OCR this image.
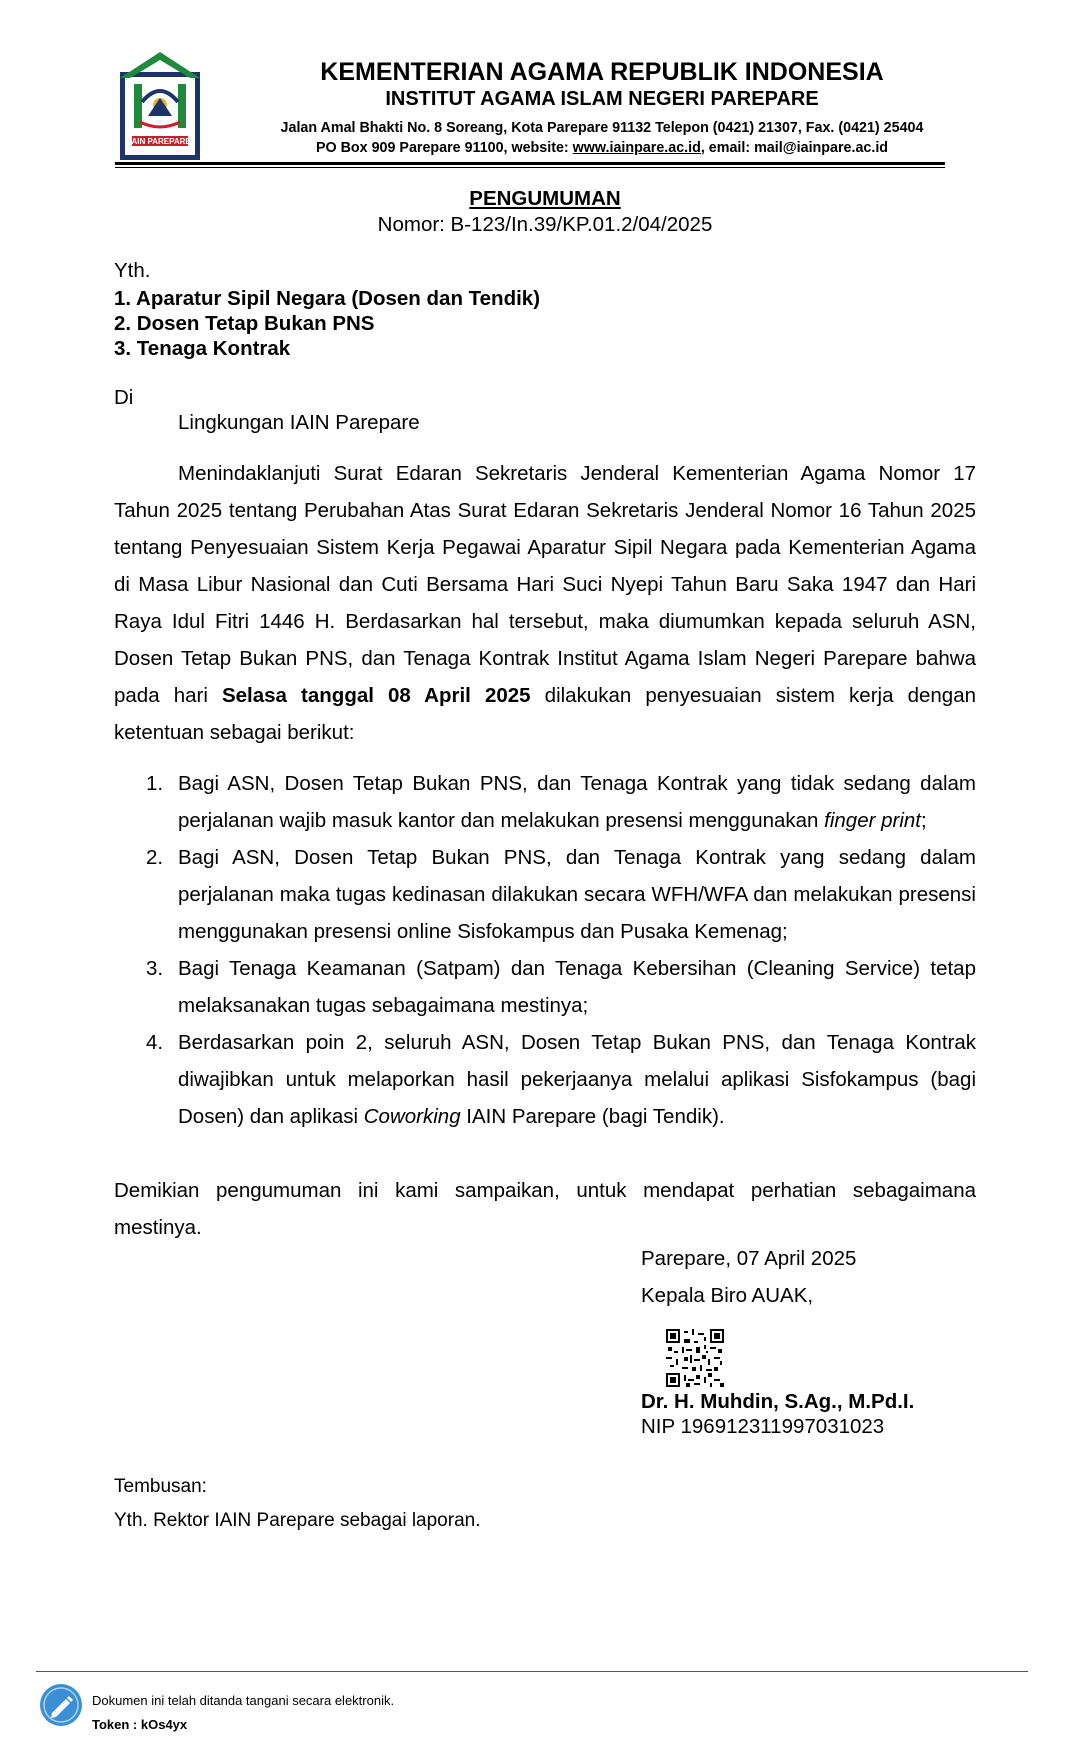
IAIN PAREPARE
KEMENTERIAN AGAMA REPUBLIK INDONESIA
INSTITUT AGAMA ISLAM NEGERI PAREPARE
Jalan Amal Bhakti No. 8 Soreang, Kota Parepare 91132 Telepon (0421) 21307, Fax. (0421) 25404
PO Box 909 Parepare 91100, website: www.iainpare.ac.id, email: mail@iainpare.ac.id
PENGUMUMAN
Nomor: B-123/In.39/KP.01.2/04/2025
Yth.
1. Aparatur Sipil Negara (Dosen dan Tendik)
2. Dosen Tetap Bukan PNS
3. Tenaga Kontrak
Di
Lingkungan IAIN Parepare
Menindaklanjuti Surat Edaran Sekretaris Jenderal Kementerian Agama Nomor 17 Tahun 2025 tentang Perubahan Atas Surat Edaran Sekretaris Jenderal Nomor 16 Tahun 2025 tentang Penyesuaian Sistem Kerja Pegawai Aparatur Sipil Negara pada Kementerian Agama di Masa Libur Nasional dan Cuti Bersama Hari Suci Nyepi Tahun Baru Saka 1947 dan Hari Raya Idul Fitri 1446 H. Berdasarkan hal tersebut, maka diumumkan kepada seluruh ASN, Dosen Tetap Bukan PNS, dan Tenaga Kontrak Institut Agama Islam Negeri Parepare bahwa pada hari Selasa tanggal 08 April 2025 dilakukan penyesuaian sistem kerja dengan ketentuan sebagai berikut:
1. Bagi ASN, Dosen Tetap Bukan PNS, dan Tenaga Kontrak yang tidak sedang dalam perjalanan wajib masuk kantor dan melakukan presensi menggunakan finger print;
2. Bagi ASN, Dosen Tetap Bukan PNS, dan Tenaga Kontrak yang sedang dalam perjalanan maka tugas kedinasan dilakukan secara WFH/WFA dan melakukan presensi menggunakan presensi online Sisfokampus dan Pusaka Kemenag;
3. Bagi Tenaga Keamanan (Satpam) dan Tenaga Kebersihan (Cleaning Service) tetap melaksanakan tugas sebagaimana mestinya;
4. Berdasarkan poin 2, seluruh ASN, Dosen Tetap Bukan PNS, dan Tenaga Kontrak diwajibkan untuk melaporkan hasil pekerjaanya melalui aplikasi Sisfokampus (bagi Dosen) dan aplikasi Coworking IAIN Parepare (bagi Tendik).
Demikian pengumuman ini kami sampaikan, untuk mendapat perhatian sebagaimana mestinya.
Parepare, 07 April 2025
Kepala Biro AUAK,
Dr. H. Muhdin, S.Ag., M.Pd.I.
NIP 196912311997031023
Tembusan:
Yth. Rektor IAIN Parepare sebagai laporan.
Dokumen ini telah ditanda tangani secara elektronik.
Token : kOs4yx
